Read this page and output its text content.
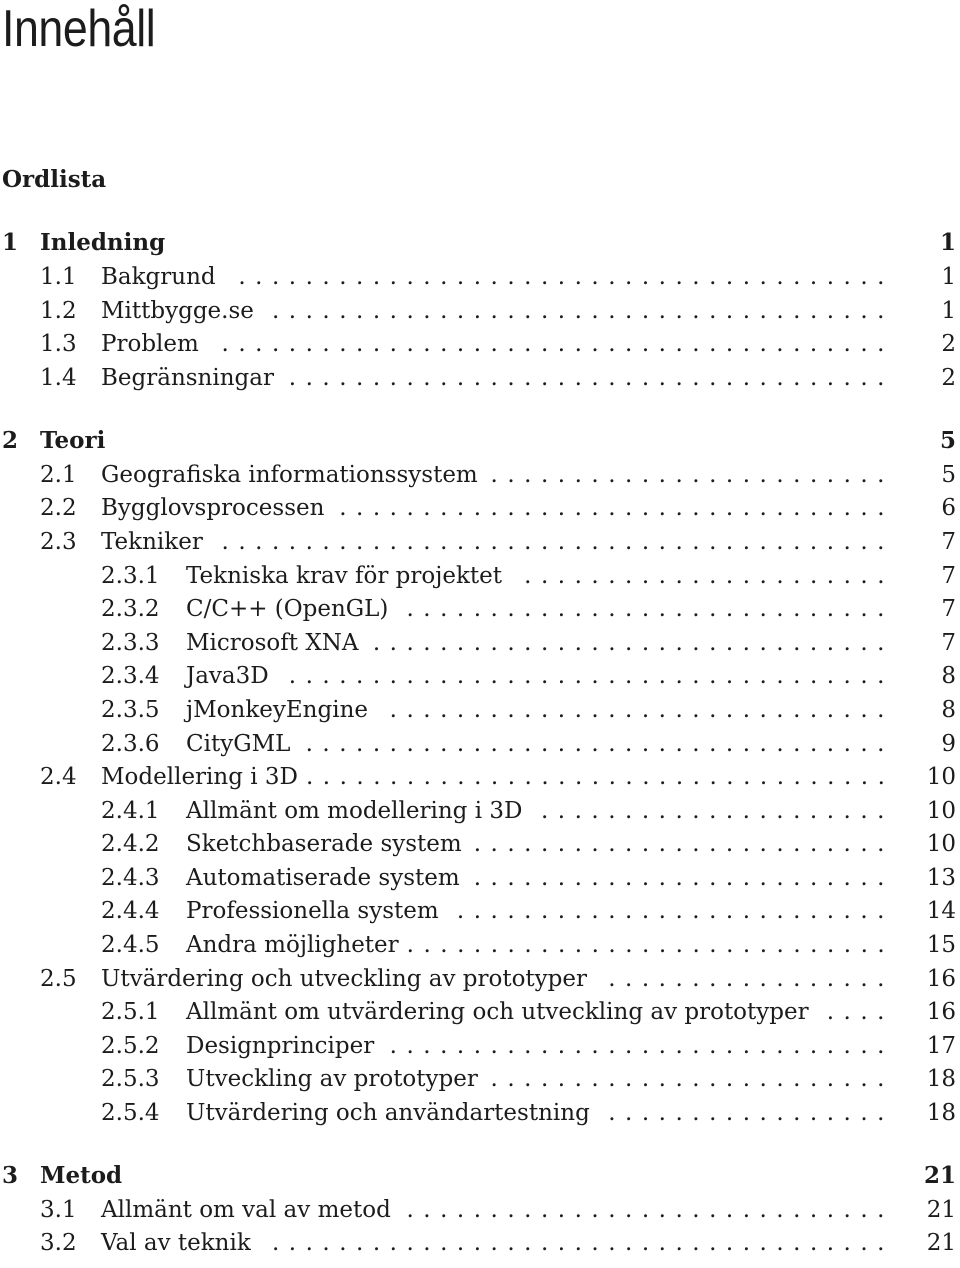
Innehåll
Ordlista
1 Inledning	1
1.1 Bakgrund	1
.......................................
1.2 Mittbygge.se	1
.....................................
1.3 Problem	2
........................................
1.4 Begränsningar	2
....................................
2 Teori	5
2.1 Geografiska informationssystem	5
........................
2.2 Bygglovsprocessen	6
.................................
2.3 Tekniker	7
........................................
2.3.1 Tekniska krav för projektet	7
......................
2.3.2 C/C++ (OpenGL)	7
.............................
2.3.3 Microsoft XNA	7
...............................
2.3.4 Java3D	8
....................................
2.3.5 jMonkeyEngine	8
..............................
2.3.6 CityGML	9
...................................
2.4 Modellering i 3D	10
...................................
2.4.1 Allmänt om modellering i 3D	10
.....................
2.4.2 Sketchbaserade system	10
.........................
2.4.3 Automatiserade system	13
.........................
2.4.4 Professionella system	14
..........................
2.4.5 Andra möjligheter	15
.............................
2.5 Utvärdering och utveckling av prototyper	16
.................
2.5.1 Allmänt om utvärdering och utveckling av prototyper	16
....
2.5.2 Designprinciper	17
..............................
2.5.3 Utveckling av prototyper	18
........................
2.5.4 Utvärdering och användartestning	18
.................
3 Metod	21
3.1 Allmänt om val av metod	21
.............................
3.2 Val av teknik	21
.....................................
